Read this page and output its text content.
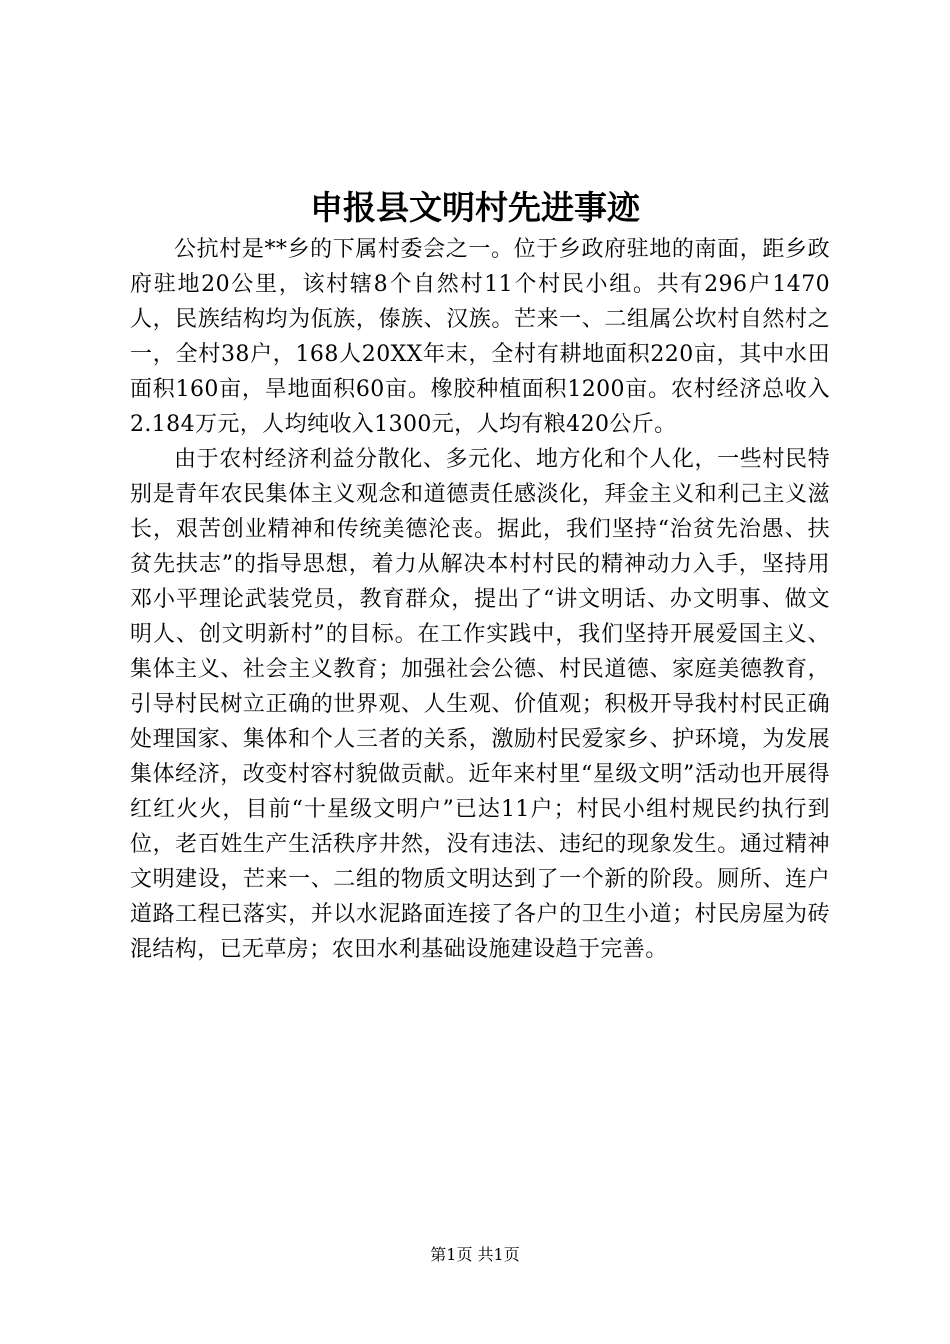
申报县文明村先进事迹

公抗村是**乡的下属村委会之一。位于乡政府驻地的南面，距乡政府驻地20公里，该村辖8个自然村11个村民小组。共有296户1470人，民族结构均为佤族，傣族、汉族。芒来一、二组属公坎村自然村之一，全村38户，168人20XX年末，全村有耕地面积220亩，其中水田面积160亩，旱地面积60亩。橡胶种植面积1200亩。农村经济总收入2.184万元，人均纯收入1300元，人均有粮420公斤。

由于农村经济利益分散化、多元化、地方化和个人化，一些村民特别是青年农民集体主义观念和道德责任感淡化，拜金主义和利己主义滋长，艰苦创业精神和传统美德沦丧。据此，我们坚持“治贫先治愚、扶贫先扶志”的指导思想，着力从解决本村村民的精神动力入手，坚持用邓小平理论武装党员，教育群众，提出了“讲文明话、办文明事、做文明人、创文明新村”的目标。在工作实践中，我们坚持开展爱国主义、集体主义、社会主义教育；加强社会公德、村民道德、家庭美德教育，引导村民树立正确的世界观、人生观、价值观；积极开导我村村民正确处理国家、集体和个人三者的关系，激励村民爱家乡、护环境，为发展集体经济，改变村容村貌做贡献。近年来村里“星级文明”活动也开展得红红火火，目前“十星级文明户”已达11户；村民小组村规民约执行到位，老百姓生产生活秩序井然，没有违法、违纪的现象发生。通过精神文明建设，芒来一、二组的物质文明达到了一个新的阶段。厕所、连户道路工程已落实，并以水泥路面连接了各户的卫生小道；村民房屋为砖混结构，已无草房；农田水利基础设施建设趋于完善。

第1页 共1页
